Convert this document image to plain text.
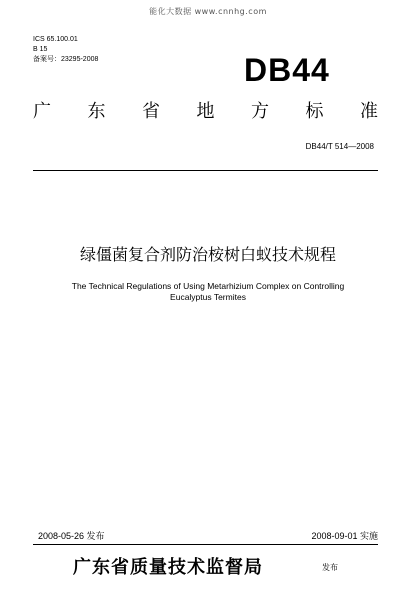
能化大数据 www.cnnhg.com
ICS 65.100.01
B 15
备案号：23295-2008	DB44
广 东 省 地 方 标 准
DB44/T 514—2008
绿僵菌复合剂防治桉树白蚁技术规程
The Technical Regulations of Using Metarhizium Complex on Controlling
Eucalyptus Termites
2008-05-26 发布	2008-09-01 实施
广东省质量技术监督局	发布
